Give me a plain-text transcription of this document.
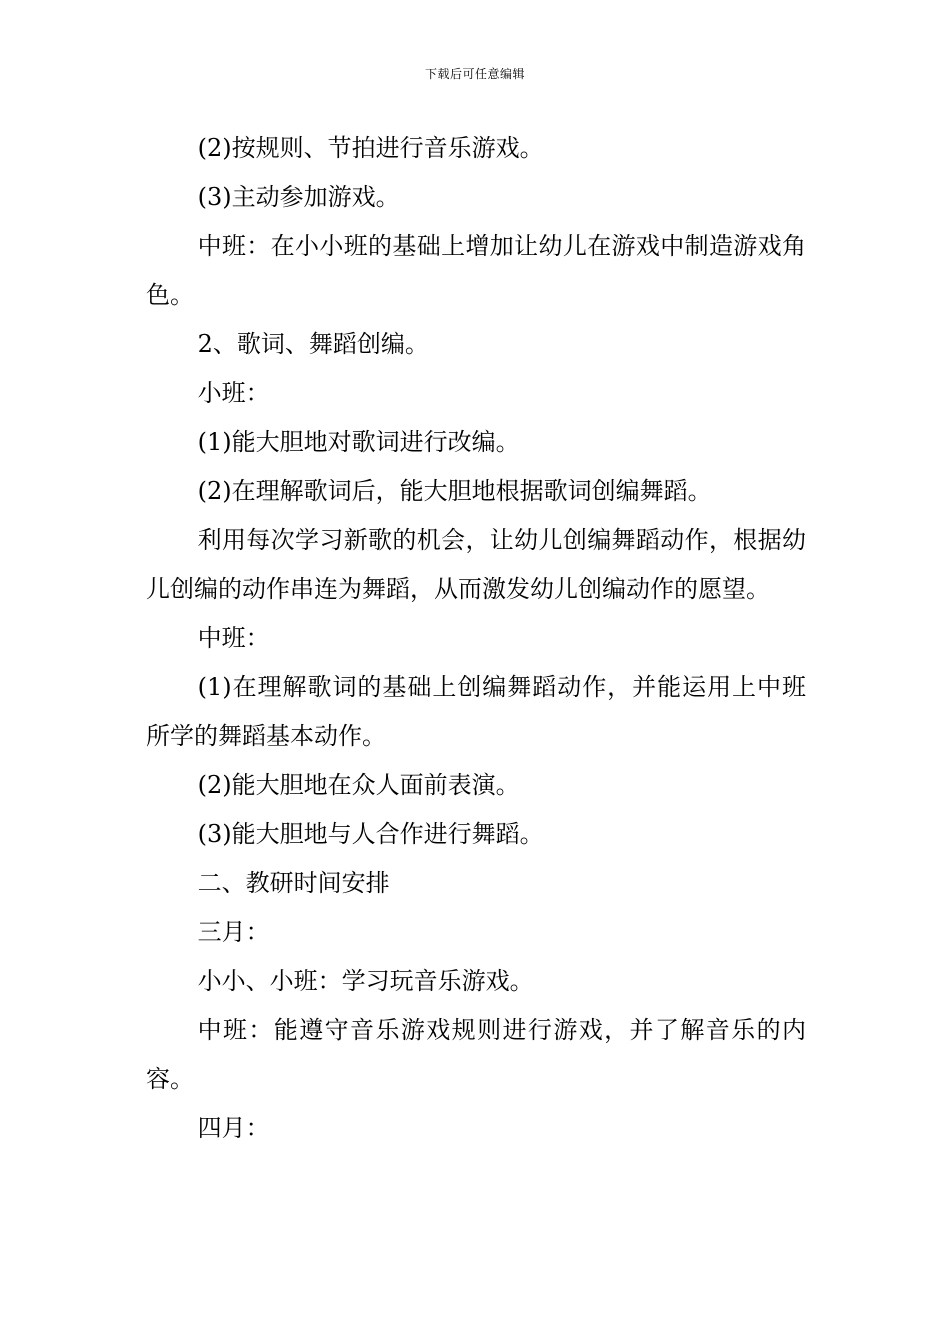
下载后可任意编辑

(2)按规则、节拍进行音乐游戏。

(3)主动参加游戏。

中班：在小小班的基础上增加让幼儿在游戏中制造游戏角色。

2、歌词、舞蹈创编。

小班：

(1)能大胆地对歌词进行改编。

(2)在理解歌词后，能大胆地根据歌词创编舞蹈。

利用每次学习新歌的机会，让幼儿创编舞蹈动作，根据幼儿创编的动作串连为舞蹈，从而激发幼儿创编动作的愿望。

中班：

(1)在理解歌词的基础上创编舞蹈动作，并能运用上中班所学的舞蹈基本动作。

(2)能大胆地在众人面前表演。

(3)能大胆地与人合作进行舞蹈。

二、教研时间安排

三月：

小小、小班：学习玩音乐游戏。

中班：能遵守音乐游戏规则进行游戏，并了解音乐的内容。

四月：
